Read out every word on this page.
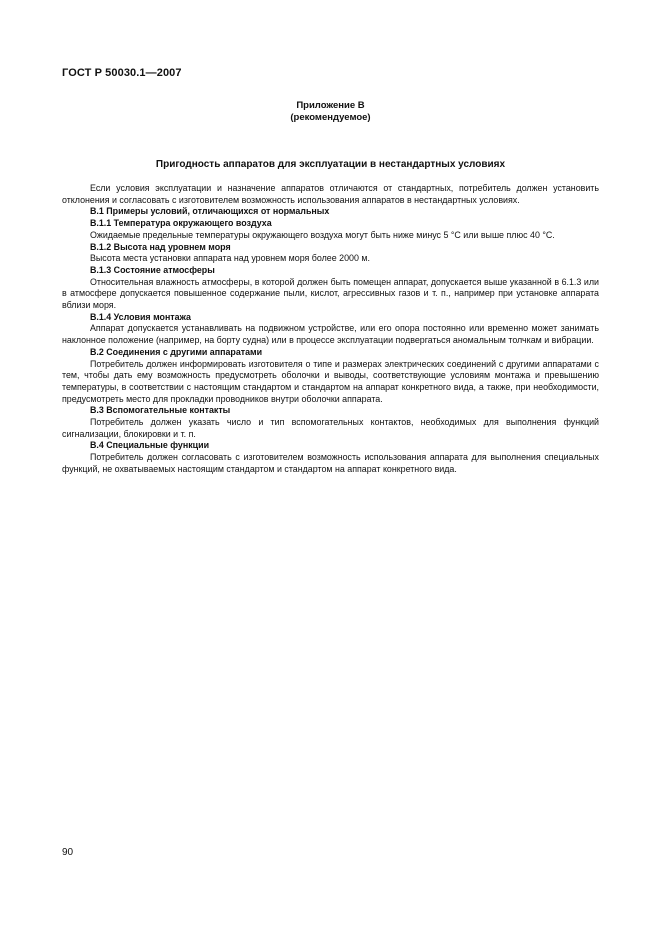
ГОСТ Р 50030.1—2007
Приложение В
(рекомендуемое)
Пригодность аппаратов для эксплуатации в нестандартных условиях

Если условия эксплуатации и назначение аппаратов отличаются от стандартных, потребитель должен установить отклонения и согласовать с изготовителем возможность использования аппаратов в нестандартных условиях.

В.1 Примеры условий, отличающихся от нормальных

В.1.1 Температура окружающего воздуха

Ожидаемые предельные температуры окружающего воздуха могут быть ниже минус 5 °С или выше плюс 40 °С.

В.1.2 Высота над уровнем моря

Высота места установки аппарата над уровнем моря более 2000 м.

В.1.3 Состояние атмосферы

Относительная влажность атмосферы, в которой должен быть помещен аппарат, допускается выше указанной в 6.1.3 или в атмосфере допускается повышенное содержание пыли, кислот, агрессивных газов и т. п., например при установке аппарата вблизи моря.

В.1.4 Условия монтажа

Аппарат допускается устанавливать на подвижном устройстве, или его опора постоянно или временно может занимать наклонное положение (например, на борту судна) или в процессе эксплуатации подвергаться аномальным толчкам и вибрации.

В.2 Соединения с другими аппаратами

Потребитель должен информировать изготовителя о типе и размерах электрических соединений с другими аппаратами с тем, чтобы дать ему возможность предусмотреть оболочки и выводы, соответствующие условиям монтажа и превышению температуры, в соответствии с настоящим стандартом и стандартом на аппарат конкретного вида, а также, при необходимости, предусмотреть место для прокладки проводников внутри оболочки аппарата.

В.3 Вспомогательные контакты

Потребитель должен указать число и тип вспомогательных контактов, необходимых для выполнения функций сигнализации, блокировки и т. п.

В.4 Специальные функции

Потребитель должен согласовать с изготовителем возможность использования аппарата для выполнения специальных функций, не охватываемых настоящим стандартом и стандартом на аппарат конкретного вида.

90
